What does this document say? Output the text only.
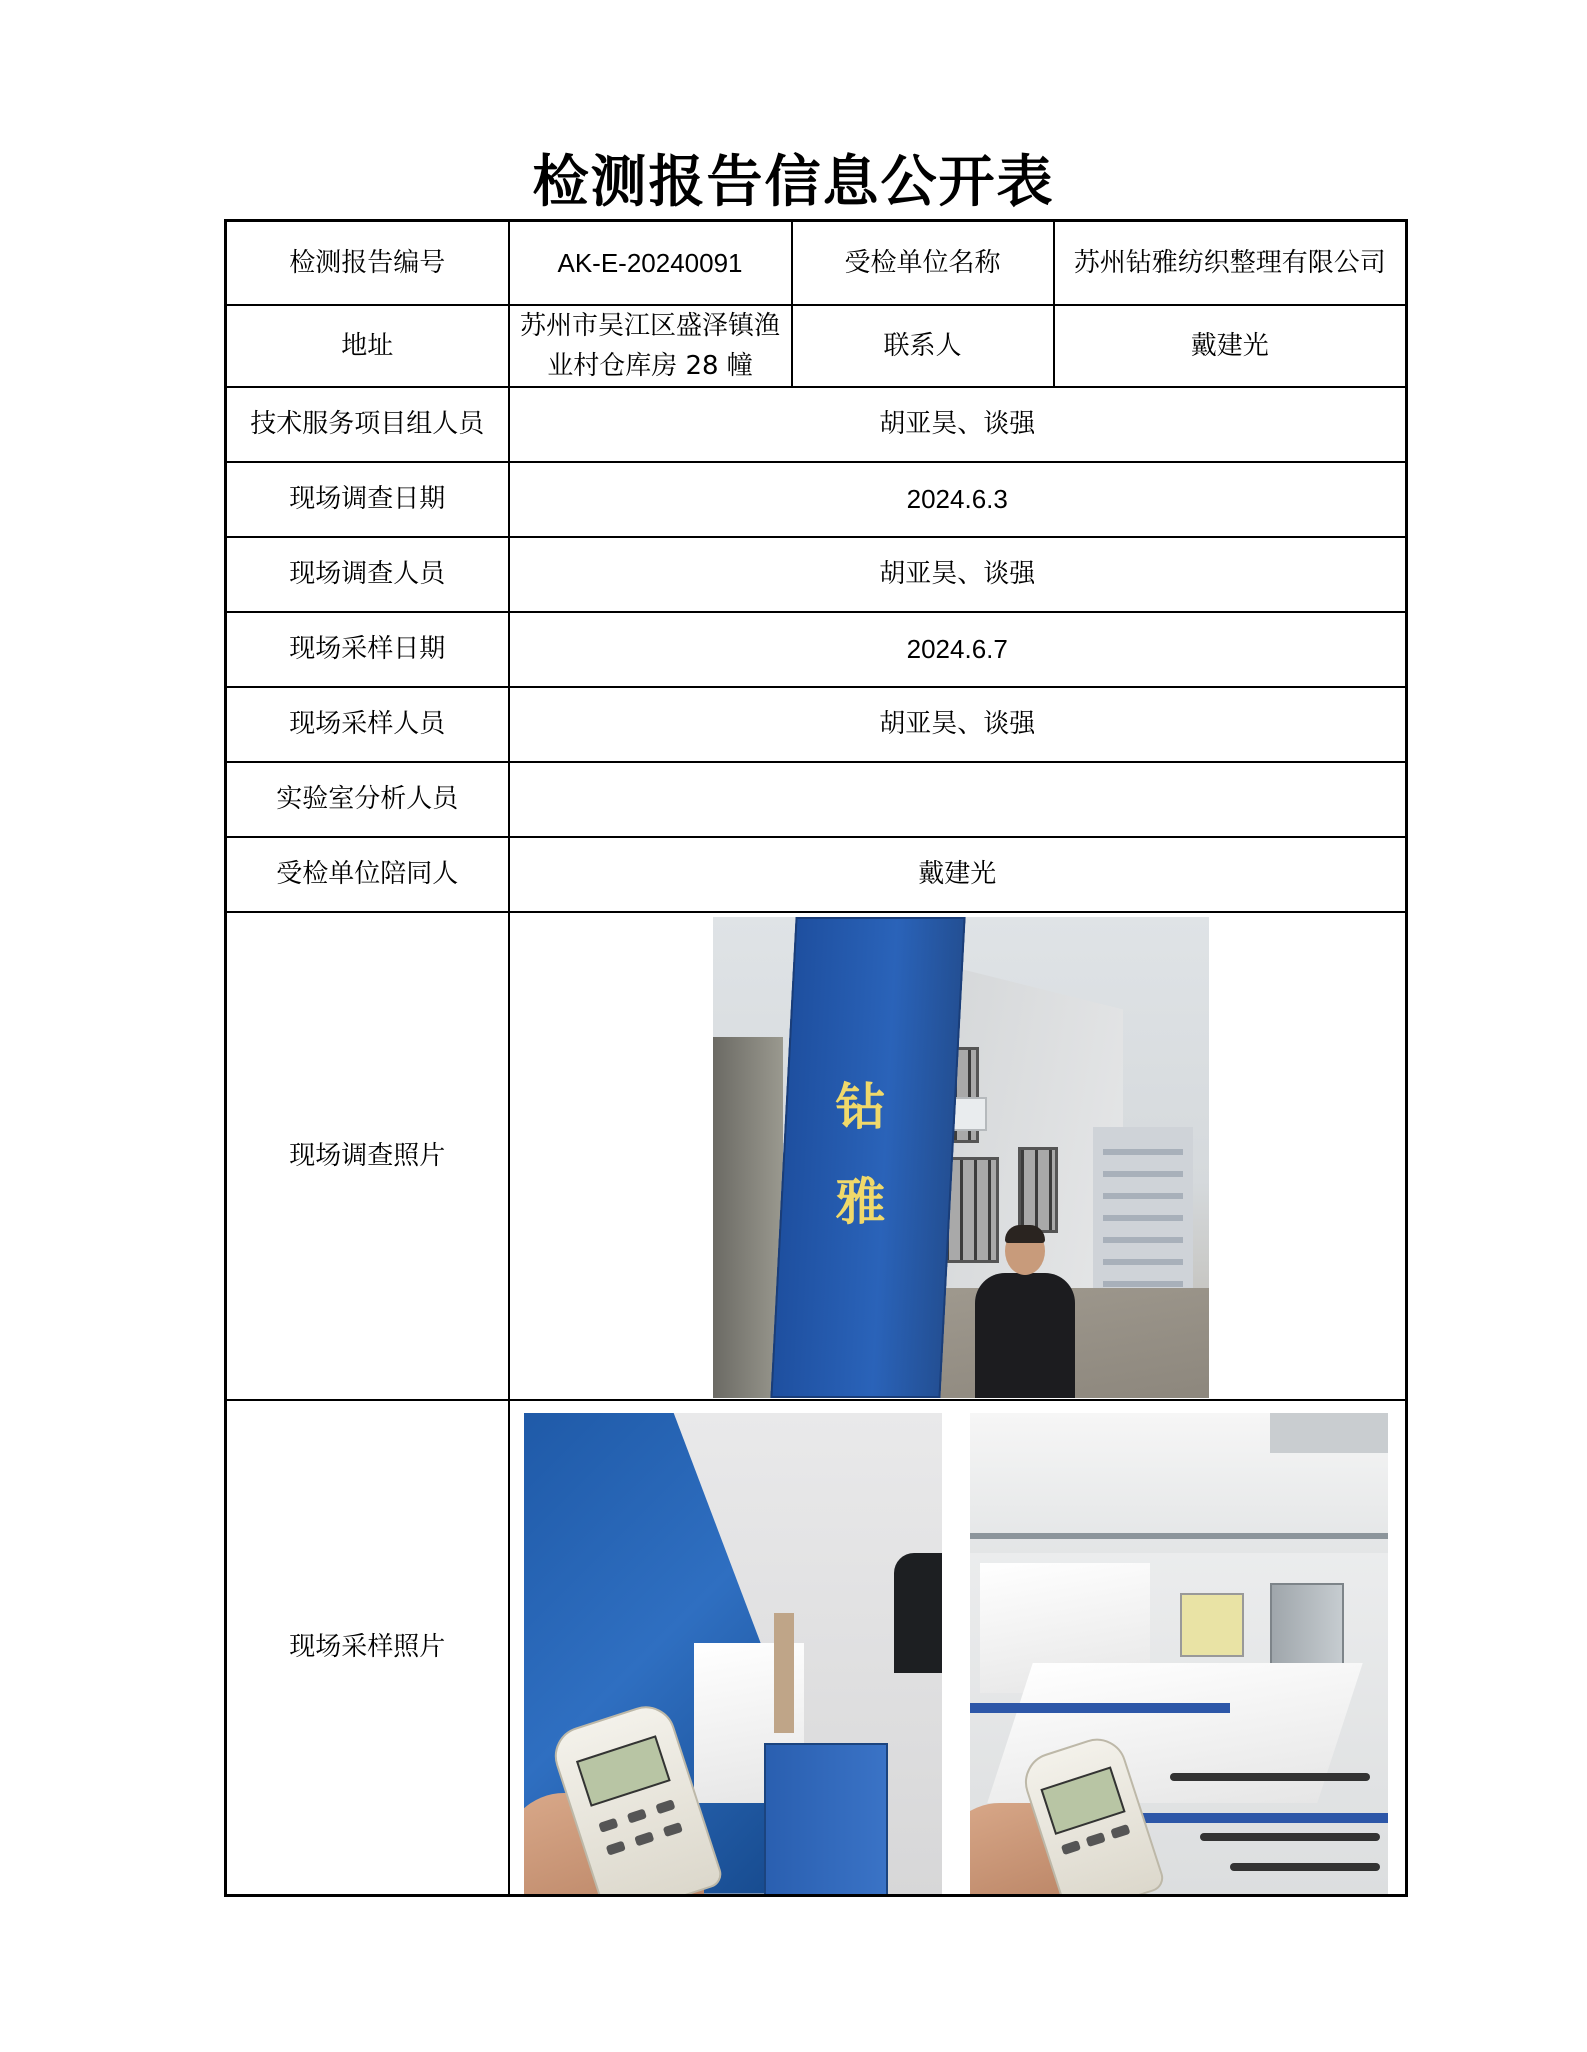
检测报告信息公开表
检测报告编号	AK-E-20240091	受检单位名称	苏州钻雅纺织整理有限公司
地址	苏州市吴江区盛泽镇渔业村仓库房 28 幢	联系人	戴建光
技术服务项目组人员	胡亚昊、谈强		
现场调查日期	2024.6.3		
现场调查人员	胡亚昊、谈强		
现场采样日期	2024.6.7		
现场采样人员	胡亚昊、谈强		
实验室分析人员			
受检单位陪同人	戴建光		
现场调查照片	钻
雅		

现场采样照片			
